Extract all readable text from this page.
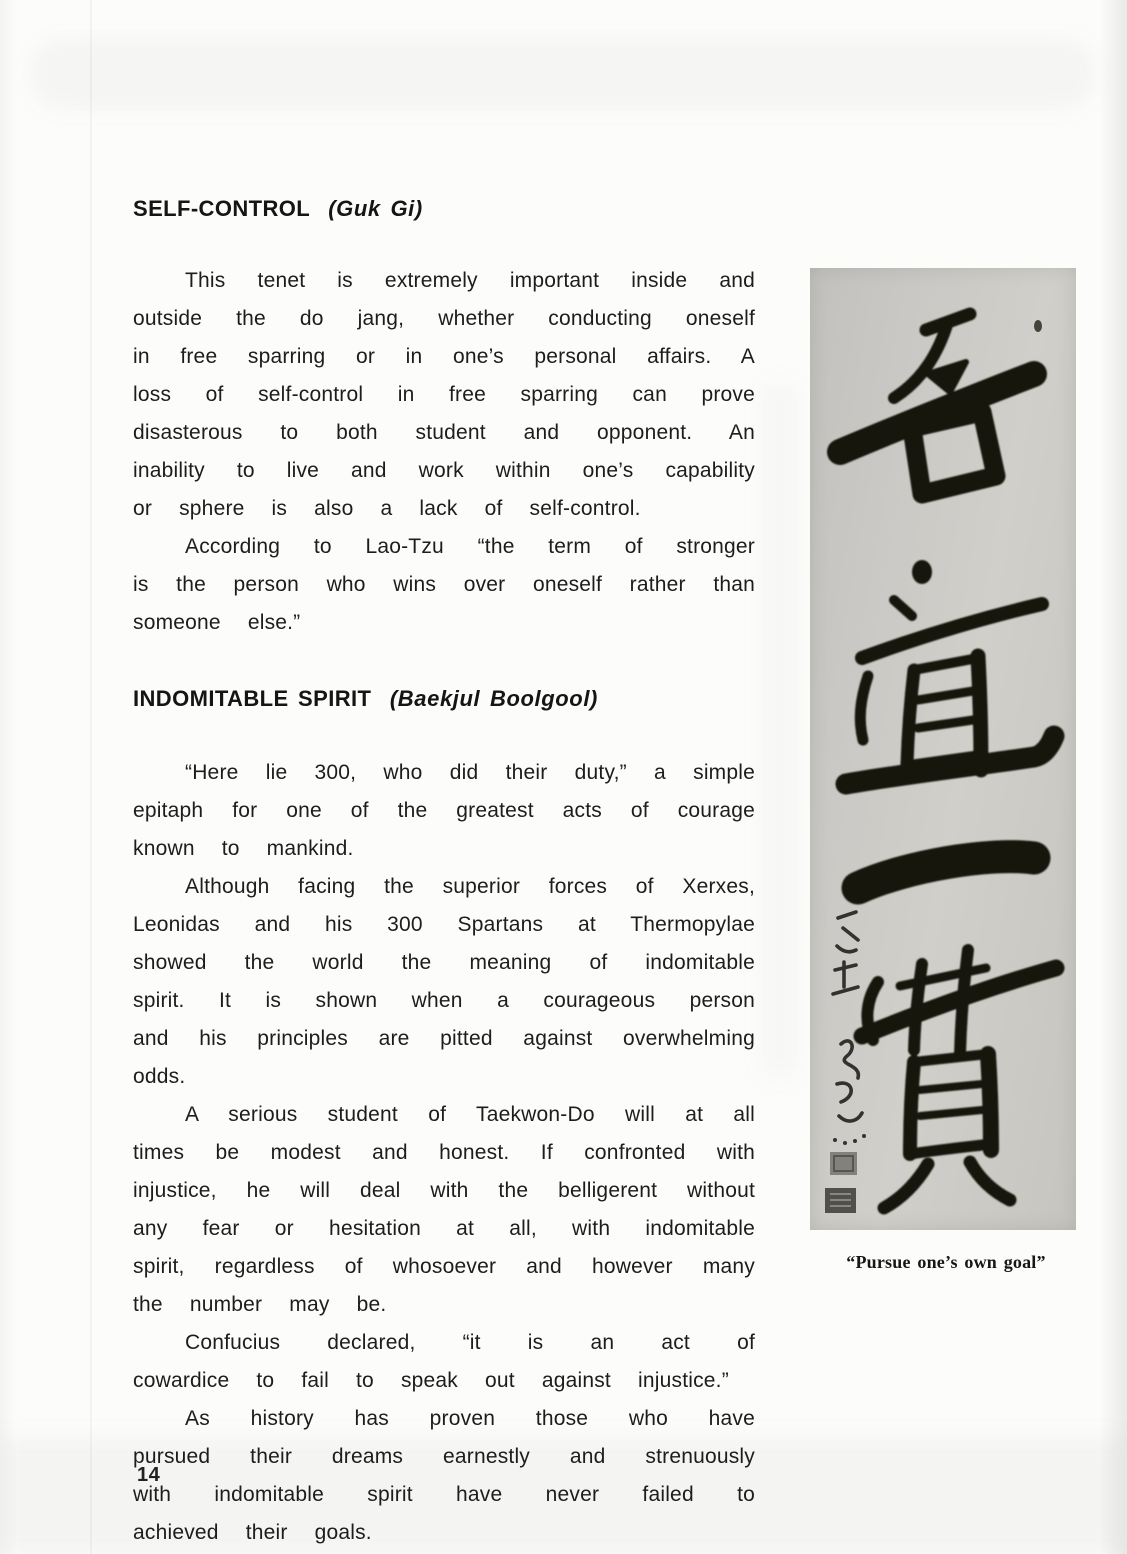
SELF-CONTROL (Guk Gi)

This tenet is extremely important inside and outside the do jang, whether conducting oneself in free sparring or in one’s personal affairs. A loss of self-control in free sparring can prove disasterous to both student and opponent. An inability to live and work within one’s capability or sphere is also a lack of self-control.

According to Lao-Tzu “the term of stronger is the person who wins over oneself rather than someone else.”

INDOMITABLE SPIRIT (Baekjul Boolgool)

“Here lie 300, who did their duty,” a simple epitaph for one of the greatest acts of courage known to mankind.

Although facing the superior forces of Xerxes, Leonidas and his 300 Spartans at Thermopylae showed the world the meaning of indomitable spirit. It is shown when a courageous person and his principles are pitted against overwhelming odds.

A serious student of Taekwon-Do will at all times be modest and honest. If confronted with injustice, he will deal with the belligerent without any fear or hesitation at all, with indomitable spirit, regardless of whosoever and however many the number may be.

Confucius declared, “it is an act of cowardice to fail to speak out against injustice.”

As history has proven those who have pursued their dreams earnestly and strenuously with indomitable spirit have never failed to achieved their goals.

“Pursue one’s own goal”
14
